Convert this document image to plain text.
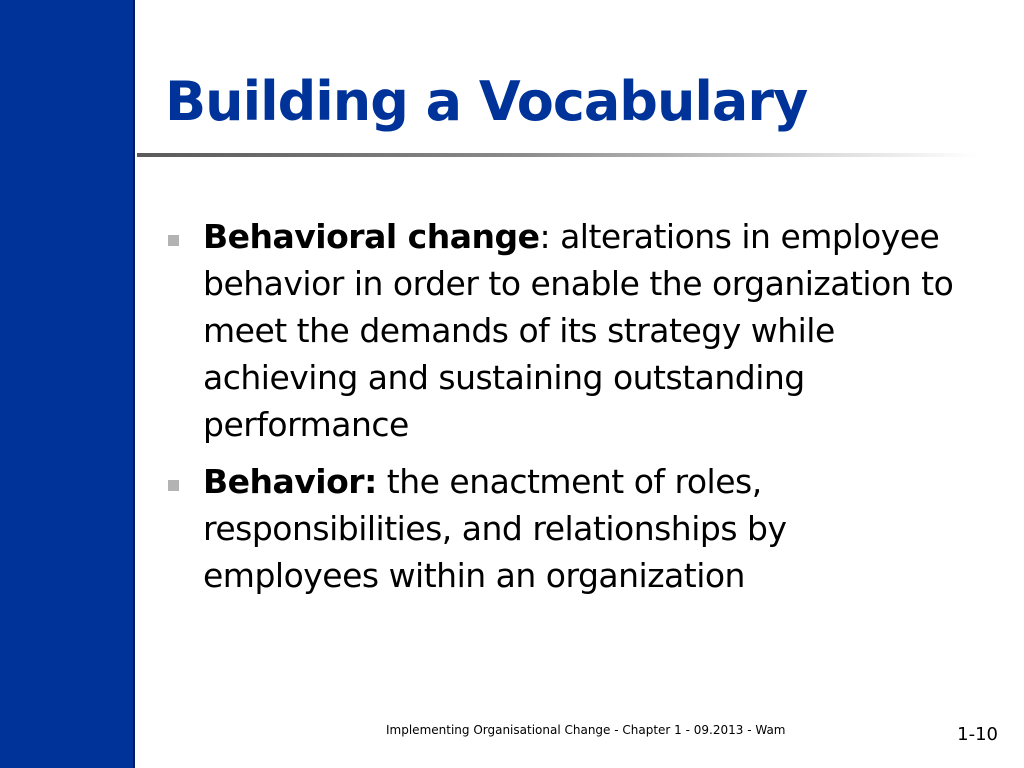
Building a Vocabulary
Behavioral change: alterations in employee  behavior in order to enable the organization to meet the demands of its strategy while achieving and sustaining outstanding performance
Behavior: the enactment of roles, responsibilities, and relationships by employees within an organization
Implementing Organisational Change - Chapter 1 - 09.2013 - Wam	1-10
